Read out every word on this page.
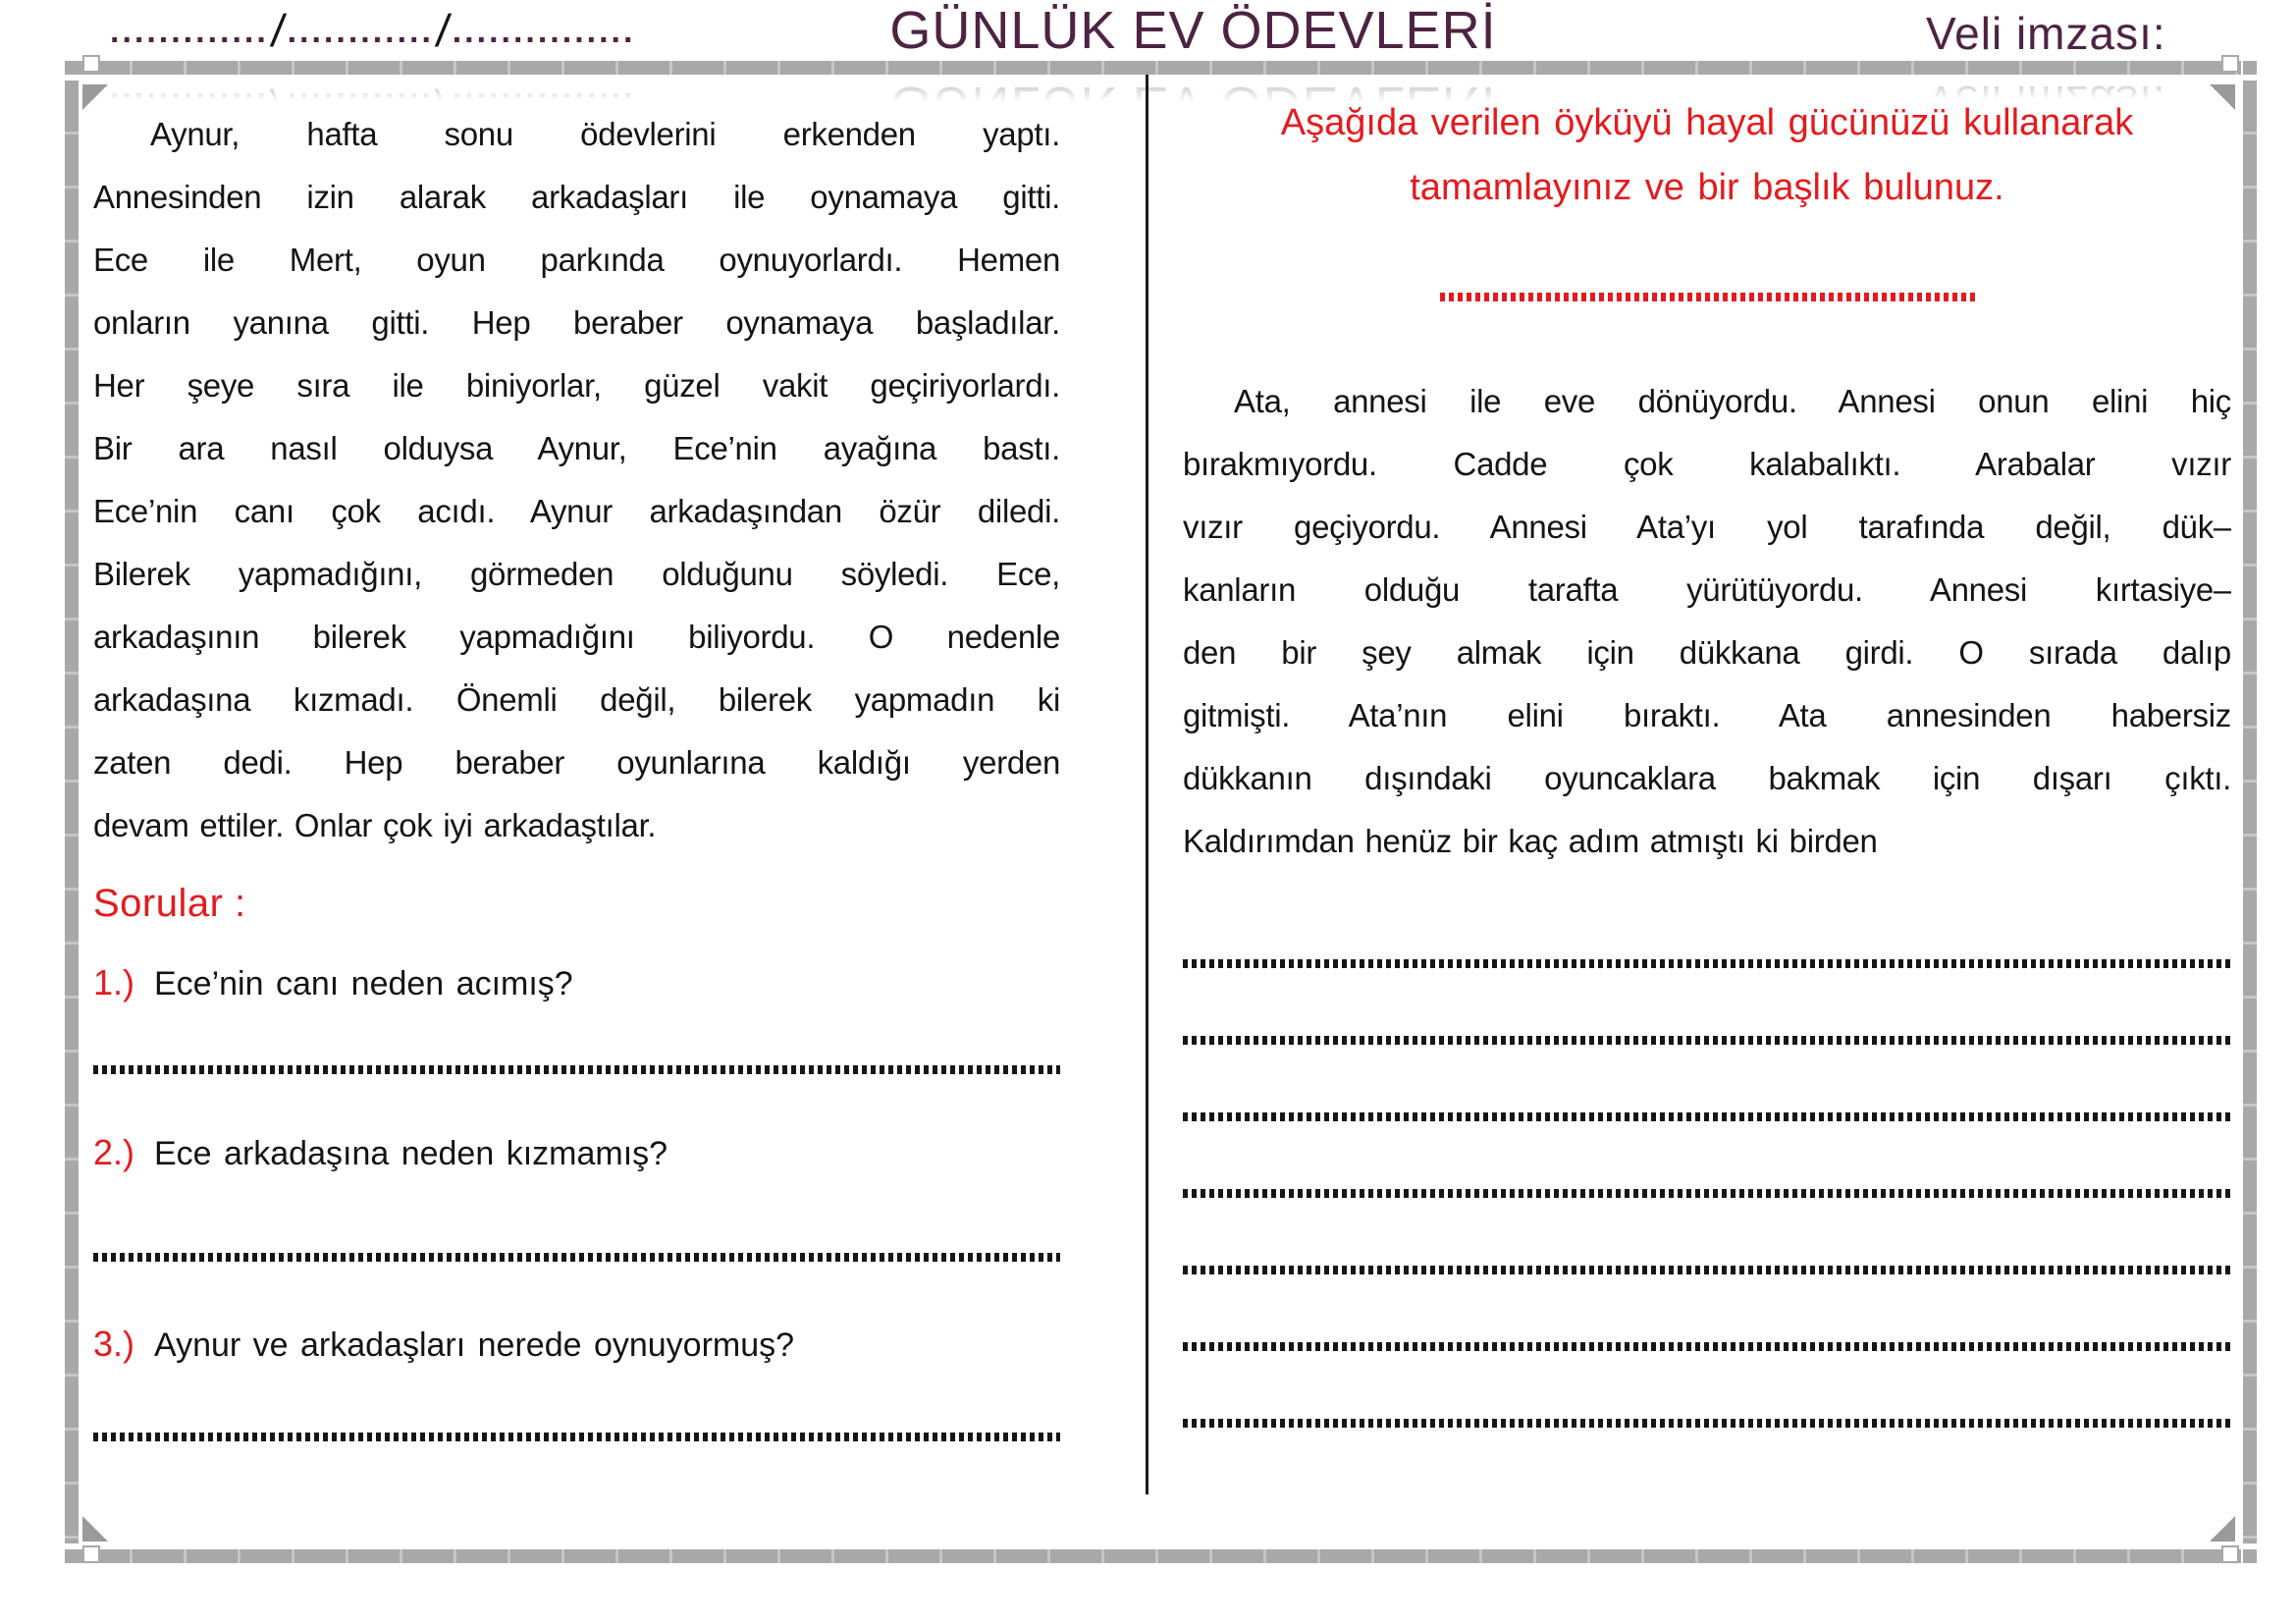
............./............/...............	GÜNLÜK EV ÖDEVLERİ	Veli imzası:
Aynur, hafta sonu ödevlerini erkenden yaptı.
Annesinden izin alarak arkadaşları ile oynamaya gitti.
Ece ile Mert, oyun parkında oynuyorlardı. Hemen
onların yanına gitti. Hep beraber oynamaya başladılar.
Her şeye sıra ile biniyorlar, güzel vakit geçiriyorlardı.
Bir ara nasıl olduysa Aynur, Ece’nin ayağına bastı.
Ece’nin canı çok acıdı. Aynur arkadaşından özür diledi.
Bilerek yapmadığını, görmeden olduğunu söyledi. Ece,
arkadaşının bilerek yapmadığını biliyordu. O nedenle
arkadaşına kızmadı. Önemli değil, bilerek yapmadın ki
zaten dedi. Hep beraber oyunlarına kaldığı yerden
devam ettiler. Onlar çok iyi arkadaştılar.
Sorular :
1.) Ece’nin canı neden acımış?
2.) Ece arkadaşına neden kızmamış?
3.) Aynur ve arkadaşları nerede oynuyormuş?
Aşağıda verilen öyküyü hayal gücünüzü kullanarak
tamamlayınız ve bir başlık bulunuz.
Ata, annesi ile eve dönüyordu. Annesi onun elini hiç
bırakmıyordu. Cadde çok kalabalıktı. Arabalar vızır
vızır geçiyordu. Annesi Ata’yı yol tarafında değil, dük–
kanların olduğu tarafta yürütüyordu. Annesi kırtasiye–
den bir şey almak için dükkana girdi. O sırada dalıp
gitmişti. Ata’nın elini bıraktı. Ata annesinden habersiz
dükkanın dışındaki oyuncaklara bakmak için dışarı çıktı.
Kaldırımdan henüz bir kaç adım atmıştı ki birden
